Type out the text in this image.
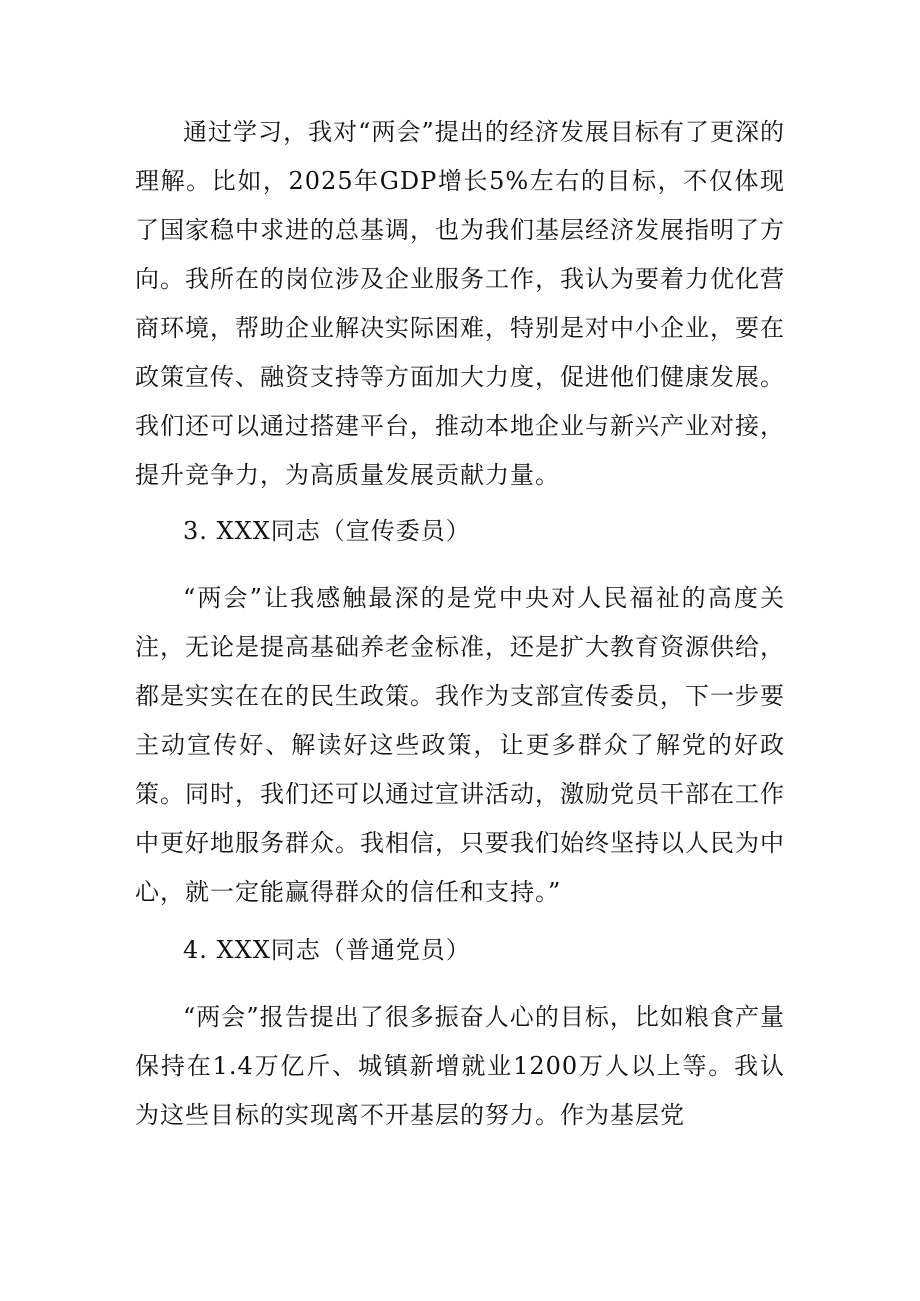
通过学习，我对“两会”提出的经济发展目标有了更深的理解。比如，2025年GDP增长5%左右的目标，不仅体现了国家稳中求进的总基调，也为我们基层经济发展指明了方向。我所在的岗位涉及企业服务工作，我认为要着力优化营商环境，帮助企业解决实际困难，特别是对中小企业，要在政策宣传、融资支持等方面加大力度，促进他们健康发展。我们还可以通过搭建平台，推动本地企业与新兴产业对接，提升竞争力，为高质量发展贡献力量。

3. XXX同志（宣传委员）

“两会”让我感触最深的是党中央对人民福祉的高度关注，无论是提高基础养老金标准，还是扩大教育资源供给，都是实实在在的民生政策。我作为支部宣传委员，下一步要主动宣传好、解读好这些政策，让更多群众了解党的好政策。同时，我们还可以通过宣讲活动，激励党员干部在工作中更好地服务群众。我相信，只要我们始终坚持以人民为中心，就一定能赢得群众的信任和支持。”

4. XXX同志（普通党员）

“两会”报告提出了很多振奋人心的目标，比如粮食产量保持在1.4万亿斤、城镇新增就业1200万人以上等。我认为这些目标的实现离不开基层的努力。作为基层党
